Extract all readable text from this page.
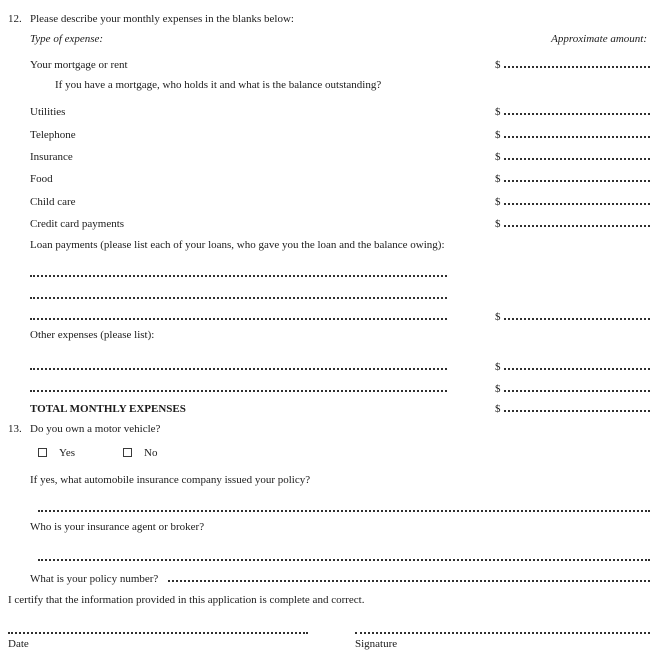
12. Please describe your monthly expenses in the blanks below:
Type of expense:	Approximate amount:
Your mortgage or rent	$
If you have a mortgage, who holds it and what is the balance outstanding?
Utilities	$
Telephone	$
Insurance	$
Food	$
Child care	$
Credit card payments	$
Loan payments (please list each of your loans, who gave you the loan and the balance owing):
$
Other expenses (please list):
$
$
TOTAL MONTHLY EXPENSES	$
13. Do you own a motor vehicle?
Yes	No
If yes, what automobile insurance company issued your policy?
Who is your insurance agent or broker?
What is your policy number?
I certify that the information provided in this application is complete and correct.
Date	Signature
